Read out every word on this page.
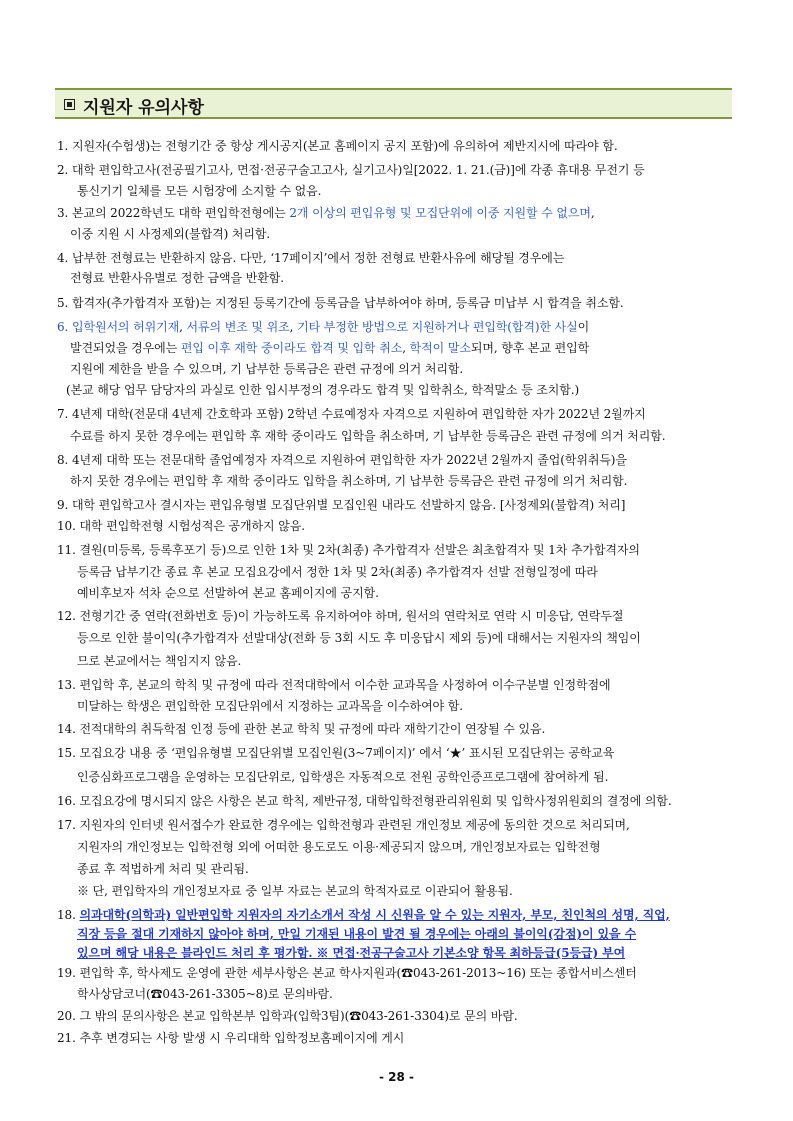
지원자 유의사항
1. 지원자(수험생)는 전형기간 중 항상 게시공지(본교 홈페이지 공지 포함)에 유의하여 제반지시에 따라야 함.
2. 대학 편입학고사(전공필기고사, 면접·전공구술고고사, 실기고사)일[2022. 1. 21.(금)]에 각종 휴대용 무전기 등
통신기기 일체를 모든 시험장에 소지할 수 없음.
3. 본교의 2022학년도 대학 편입학전형에는 2개 이상의 편입유형 및 모집단위에 이중 지원할 수 없으며,
이중 지원 시 사정제외(불합격) 처리함.
4. 납부한 전형료는 반환하지 않음. 다만, ‘17페이지’에서 정한 전형료 반환사유에 해당될 경우에는
전형료 반환사유별로 정한 금액을 반환함.
5. 합격자(추가합격자 포함)는 지정된 등록기간에 등록금을 납부하여야 하며, 등록금 미납부 시 합격을 취소함.
6. 입학원서의 허위기재, 서류의 변조 및 위조, 기타 부정한 방법으로 지원하거나 편입학(합격)한 사실이
발견되었을 경우에는 편입 이후 재학 중이라도 합격 및 입학 취소, 학적이 말소되며, 향후 본교 편입학
지원에 제한을 받을 수 있으며, 기 납부한 등록금은 관련 규정에 의거 처리함.
(본교 해당 업무 담당자의 과실로 인한 입시부정의 경우라도 합격 및 입학취소, 학적말소 등 조치함.)
7. 4년제 대학(전문대 4년제 간호학과 포함) 2학년 수료예정자 자격으로 지원하여 편입학한 자가 2022년 2월까지
수료를 하지 못한 경우에는 편입학 후 재학 중이라도 입학을 취소하며, 기 납부한 등록금은 관련 규정에 의거 처리함.
8. 4년제 대학 또는 전문대학 졸업예정자 자격으로 지원하여 편입학한 자가 2022년 2월까지 졸업(학위취득)을
하지 못한 경우에는 편입학 후 재학 중이라도 입학을 취소하며, 기 납부한 등록금은 관련 규정에 의거 처리함.
9. 대학 편입학고사 결시자는 편입유형별 모집단위별 모집인원 내라도 선발하지 않음. [사정제외(불합격) 처리]
10. 대학 편입학전형 시험성적은 공개하지 않음.
11. 결원(미등록, 등록후포기 등)으로 인한 1차 및 2차(최종) 추가합격자 선발은 최초합격자 및 1차 추가합격자의
등록금 납부기간 종료 후 본교 모집요강에서 정한 1차 및 2차(최종) 추가합격자 선발 전형일정에 따라
예비후보자 석차 순으로 선발하여 본교 홈페이지에 공지함.
12. 전형기간 중 연락(전화번호 등)이 가능하도록 유지하여야 하며, 원서의 연락처로 연락 시 미응답, 연락두절
등으로 인한 불이익(추가합격자 선발대상(전화 등 3회 시도 후 미응답시 제외 등)에 대해서는 지원자의 책임이
므로 본교에서는 책임지지 않음.
13. 편입학 후, 본교의 학칙 및 규정에 따라 전적대학에서 이수한 교과목을 사정하여 이수구분별 인정학점에
미달하는 학생은 편입학한 모집단위에서 지정하는 교과목을 이수하여야 함.
14. 전적대학의 취득학점 인정 등에 관한 본교 학칙 및 규정에 따라 재학기간이 연장될 수 있음.
15. 모집요강 내용 중 ‘편입유형별 모집단위별 모집인원(3~7페이지)’ 에서 ‘★’ 표시된 모집단위는 공학교육
인증심화프로그램을 운영하는 모집단위로, 입학생은 자동적으로 전원 공학인증프로그램에 참여하게 됨.
16. 모집요강에 명시되지 않은 사항은 본교 학칙, 제반규정, 대학입학전형관리위원회 및 입학사정위원회의 결정에 의함.
17. 지원자의 인터넷 원서접수가 완료한 경우에는 입학전형과 관련된 개인정보 제공에 동의한 것으로 처리되며,
지원자의 개인정보는 입학전형 외에 어떠한 용도로도 이용·제공되지 않으며, 개인정보자료는 입학전형
종료 후 적법하게 처리 및 관리됨.
※ 단, 편입학자의 개인정보자료 중 일부 자료는 본교의 학적자료로 이관되어 활용됨.
18. 의과대학(의학과) 일반편입학 지원자의 자기소개서 작성 시 신원을 알 수 있는 지원자, 부모, 친인척의 성명, 직업,
직장 등을 절대 기재하지 않아야 하며, 만일 기재된 내용이 발견 될 경우에는 아래의 불이익(감점)이 있을 수
있으며 해당 내용은 블라인드 처리 후 평가함. ※ 면접·전공구술고사 기본소양 항목 최하등급(5등급) 부여
19. 편입학 후, 학사제도 운영에 관한 세부사항은 본교 학사지원과(☎043-261-2013~16) 또는 종합서비스센터
학사상담코너(☎043-261-3305~8)로 문의바람.
20. 그 밖의 문의사항은 본교 입학본부 입학과(입학3팀)(☎043-261-3304)로 문의 바람.
21. 추후 변경되는 사항 발생 시 우리대학 입학정보홈페이지에 게시
- 28 -
